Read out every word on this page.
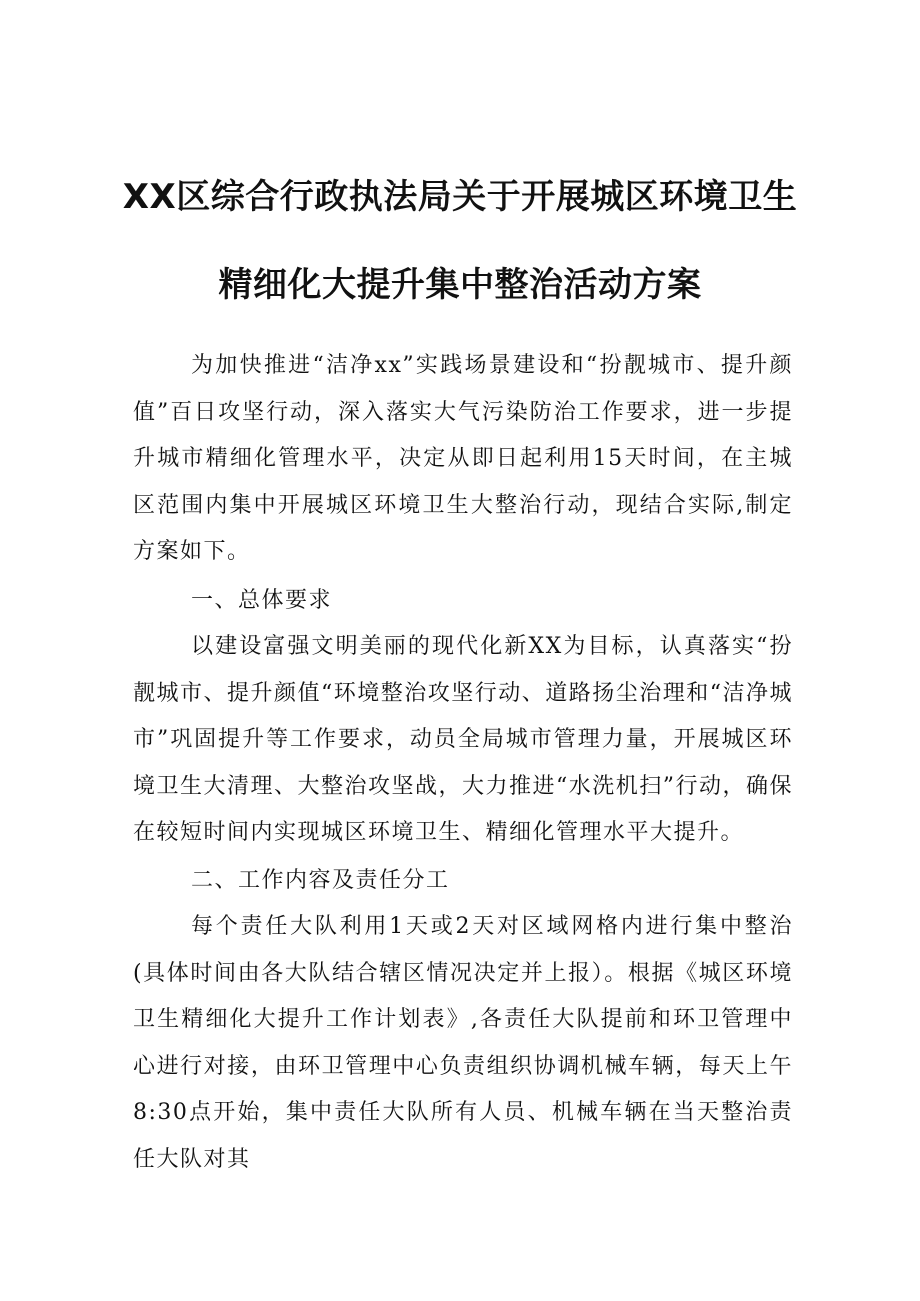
XX区综合行政执法局关于开展城区环境卫生
精细化大提升集中整治活动方案

为加快推进“洁净xx”实践场景建设和“扮靓城市、提升颜值”百日攻坚行动，深入落实大气污染防治工作要求，进一步提升城市精细化管理水平，决定从即日起利用15天时间，在主城区范围内集中开展城区环境卫生大整治行动，现结合实际,制定方案如下。

一、总体要求

以建设富强文明美丽的现代化新XX为目标，认真落实“扮靓城市、提升颜值“环境整治攻坚行动、道路扬尘治理和“洁净城市”巩固提升等工作要求，动员全局城市管理力量，开展城区环境卫生大清理、大整治攻坚战，大力推进“水洗机扫”行动，确保在较短时间内实现城区环境卫生、精细化管理水平大提升。

二、工作内容及责任分工

每个责任大队利用1天或2天对区域网格内进行集中整治(具体时间由各大队结合辖区情况决定并上报）。根据《城区环境卫生精细化大提升工作计划表》,各责任大队提前和环卫管理中心进行对接，由环卫管理中心负责组织协调机械车辆，每天上午8:30点开始，集中责任大队所有人员、机械车辆在当天整治责任大队对其
